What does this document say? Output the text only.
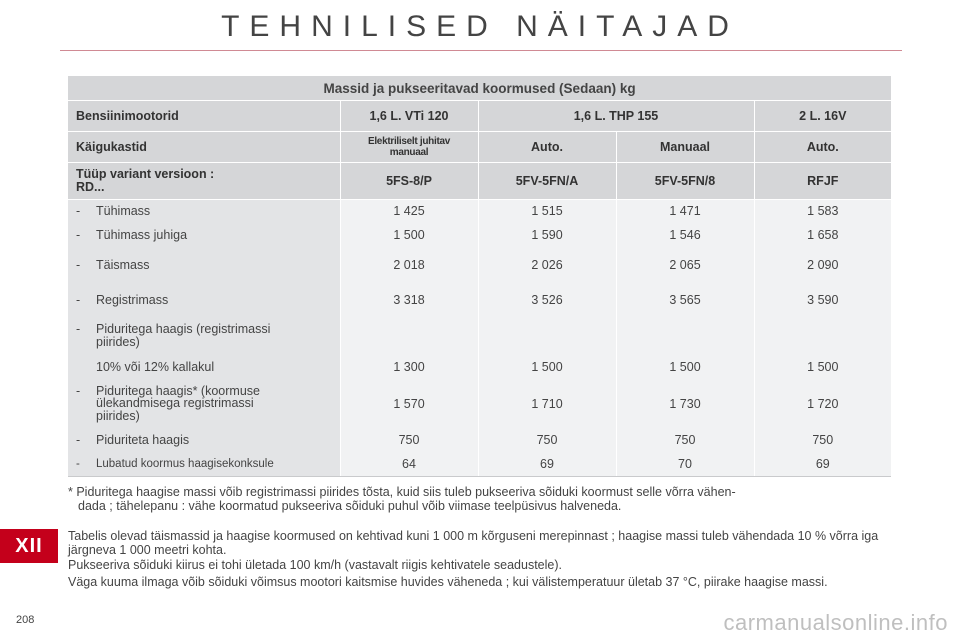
TEHNILISED NÄITAJAD
Massid ja pukseeritavad koormused (Sedaan) kg				
Bensiinimootorid	1,6 L. VTi 120	1,6 L. THP 155		2 L. 16V
Käigukastid	Elektriliselt juhitav manuaal	Auto.	Manuaal	Auto.
Tüüp variant versioon :
RD...	5FS-8/P	5FV-5FN/A	5FV-5FN/8	RFJF
- Tühimass	1 425	1 515	1 471	1 583
- Tühimass juhiga	1 500	1 590	1 546	1 658
- Täismass	2 018	2 026	2 065	2 090
- Registrimass	3 318	3 526	3 565	3 590
- Piduritega haagis (registrimassi
piirides)				

10% või 12% kallakul	1 300	1 500	1 500	1 500
- Piduritega haagis* (koormuse
ülekandmisega registrimassi
piirides)	1 570	1 710	1 730	1 720
- Piduriteta haagis	750	750	750	750
- Lubatud koormus haagisekonksule	64	69	70	69
* Piduritega haagise massi võib registrimassi piirides tõsta, kuid siis tuleb pukseeriva sõiduki koormust selle võrra vähen-
dada ; tähelepanu : vähe koormatud pukseeriva sõiduki puhul võib viimase teelpüsivus halveneda.
Tabelis olevad täismassid ja haagise koormused on kehtivad kuni 1 000 m kõrguseni merepinnast ; haagise massi tuleb vähendada 10 % võrra iga järgneva 1 000 meetri kohta.
Pukseeriva sõiduki kiirus ei tohi ületada 100 km/h (vastavalt riigis kehtivatele seadustele).
Väga kuuma ilmaga võib sõiduki võimsus mootori kaitsmise huvides väheneda ; kui välistemperatuur ületab 37 °C, piirake haagise massi.
XII
208	carmanualsonline.info
